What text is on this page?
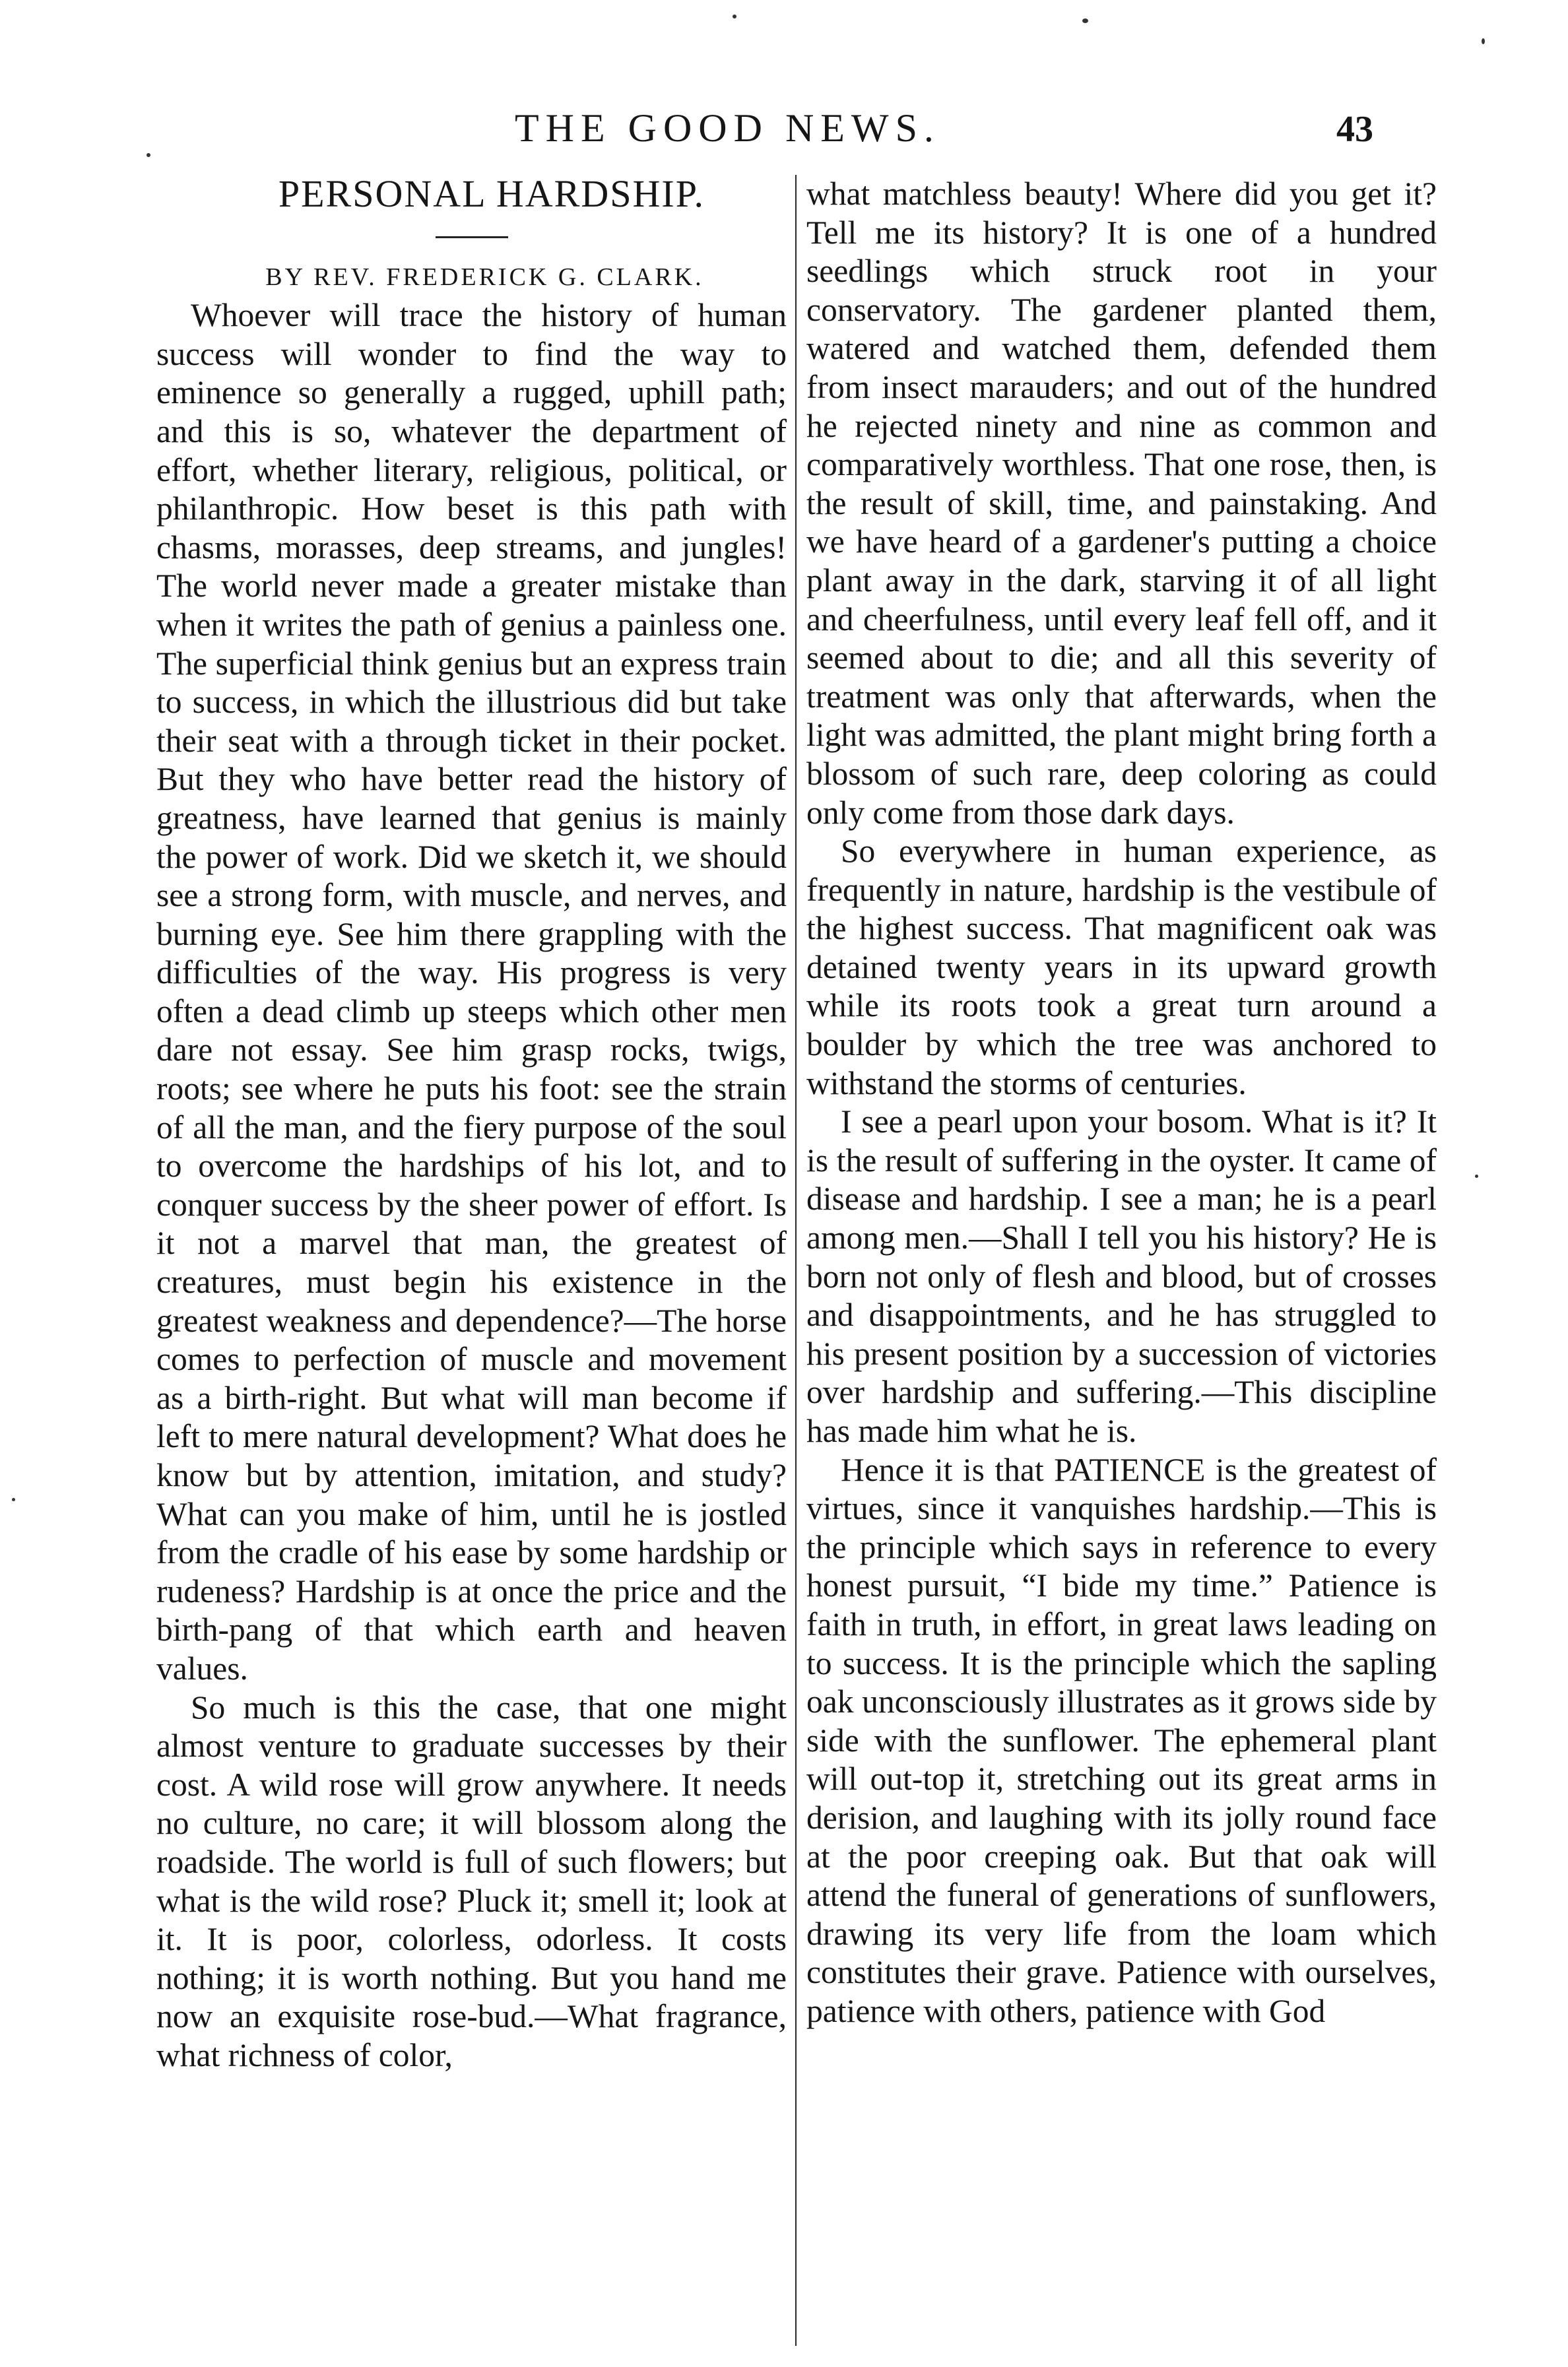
THE GOOD NEWS.	43

PERSONAL HARDSHIP.

BY REV. FREDERICK G. CLARK.

Whoever will trace the history of human success will wonder to find the way to eminence so generally a rugged, uphill path; and this is so, whatever the department of effort, whether literary, religious, political, or philanthropic. How beset is this path with chasms, morasses, deep streams, and jungles! The world never made a greater mistake than when it writes the path of genius a painless one. The superficial think genius but an express train to success, in which the illustrious did but take their seat with a through ticket in their pocket. But they who have better read the history of greatness, have learned that genius is mainly the power of work. Did we sketch it, we should see a strong form, with muscle, and nerves, and burning eye. See him there grappling with the difficulties of the way. His progress is very often a dead climb up steeps which other men dare not essay. See him grasp rocks, twigs, roots; see where he puts his foot: see the strain of all the man, and the fiery purpose of the soul to overcome the hardships of his lot, and to conquer success by the sheer power of effort. Is it not a marvel that man, the greatest of creatures, must begin his existence in the greatest weakness and dependence?—The horse comes to perfection of muscle and movement as a birth-right. But what will man become if left to mere natural development? What does he know but by attention, imitation, and study? What can you make of him, until he is jostled from the cradle of his ease by some hardship or rudeness? Hardship is at once the price and the birth-pang of that which earth and heaven values.

So much is this the case, that one might almost venture to graduate successes by their cost. A wild rose will grow anywhere. It needs no culture, no care; it will blossom along the roadside. The world is full of such flowers; but what is the wild rose? Pluck it; smell it; look at it. It is poor, colorless, odorless. It costs nothing; it is worth nothing. But you hand me now an exquisite rose-bud.—What fragrance, what richness of color,

what matchless beauty! Where did you get it? Tell me its history? It is one of a hundred seedlings which struck root in your conservatory. The gardener planted them, watered and watched them, defended them from insect marauders; and out of the hundred he rejected ninety and nine as common and comparatively worthless. That one rose, then, is the result of skill, time, and painstaking. And we have heard of a gardener's putting a choice plant away in the dark, starving it of all light and cheerfulness, until every leaf fell off, and it seemed about to die; and all this severity of treatment was only that afterwards, when the light was admitted, the plant might bring forth a blossom of such rare, deep coloring as could only come from those dark days.

So everywhere in human experience, as frequently in nature, hardship is the vestibule of the highest success. That magnificent oak was detained twenty years in its upward growth while its roots took a great turn around a boulder by which the tree was anchored to withstand the storms of centuries.

I see a pearl upon your bosom. What is it? It is the result of suffering in the oyster. It came of disease and hardship. I see a man; he is a pearl among men.—Shall I tell you his history? He is born not only of flesh and blood, but of crosses and disappointments, and he has struggled to his present position by a succession of victories over hardship and suffering.—This discipline has made him what he is.

Hence it is that PATIENCE is the greatest of virtues, since it vanquishes hardship.—This is the principle which says in reference to every honest pursuit, “I bide my time.” Patience is faith in truth, in effort, in great laws leading on to success. It is the principle which the sapling oak unconsciously illustrates as it grows side by side with the sunflower. The ephemeral plant will out-top it, stretching out its great arms in derision, and laughing with its jolly round face at the poor creeping oak. But that oak will attend the funeral of generations of sunflowers, drawing its very life from the loam which constitutes their grave. Patience with ourselves, patience with others, patience with God
